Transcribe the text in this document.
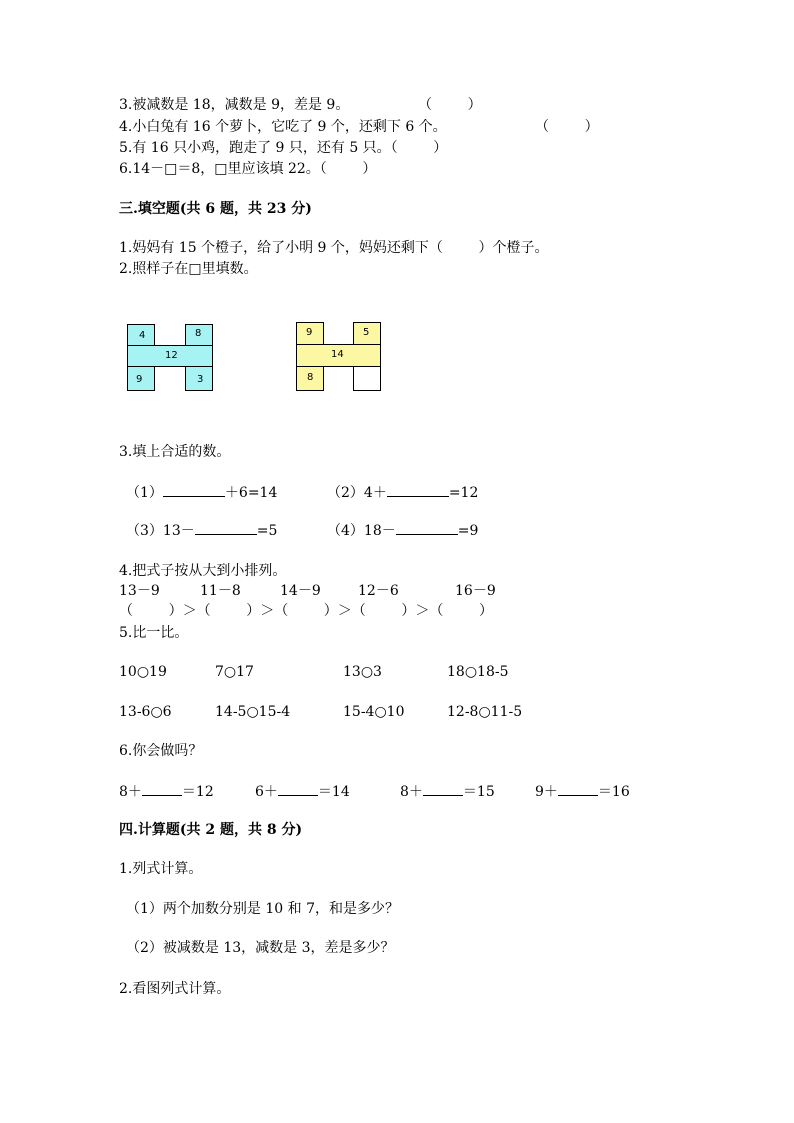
3.被减数是 18，减数是 9，差是 9。	（        ）
4.小白兔有 16 个萝卜，它吃了 9 个，还剩下 6 个。	（        ）
5.有 16 只小鸡，跑走了 9 只，还有 5 只。（        ）
6.14－□＝8，□里应该填 22。（        ）
三.填空题(共 6 题，共 23 分)
1.妈妈有 15 个橙子，给了小明 9 个，妈妈还剩下（        ）个橙子。
2.照样子在□里填数。
4	8
12
9	3
9	5
14
8
3.填上合适的数。
（1）	＋6=14	（2）4＋	=12
（3）13－	=5	（4）18－	=9
4.把式子按从大到小排列。
13－9	11－8	14－9	12－6	16－9
（        ）＞（        ）＞（        ）＞（        ）＞（        ）
5.比一比。
10○19	7○17	13○3	18○18-5
13-6○6	14-5○15-4	15-4○10	12-8○11-5
6.你会做吗？
8＋	＝12	6＋	＝14	8＋	＝15	9＋	＝16
四.计算题(共 2 题，共 8 分)
1.列式计算。
（1）两个加数分别是 10 和 7，和是多少？
（2）被减数是 13，减数是 3，差是多少？
2.看图列式计算。
